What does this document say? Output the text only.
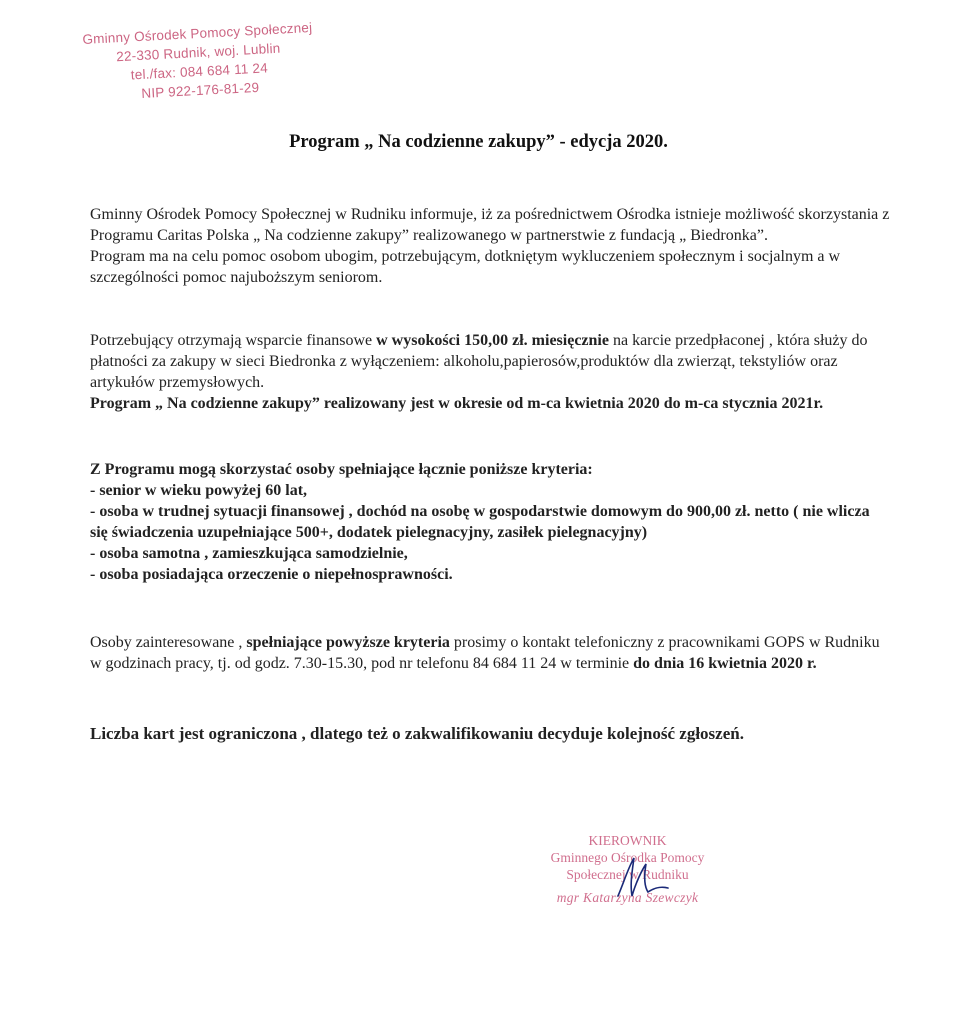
Gminny Ośrodek Pomocy Społecznej
22-330 Rudnik, woj. Lublin
tel./fax: 084 684 11 24
NIP 922-176-81-29
Program „ Na codzienne zakupy” - edycja 2020.

Gminny Ośrodek Pomocy Społecznej w Rudniku informuje, iż za pośrednictwem Ośrodka istnieje możliwość skorzystania z Programu Caritas Polska „ Na codzienne zakupy” realizowanego w partnerstwie z fundacją „ Biedronka”.

Program ma na celu pomoc osobom ubogim, potrzebującym, dotkniętym wykluczeniem społecznym i socjalnym a w szczególności pomoc najuboższym seniorom.

Potrzebujący otrzymają wsparcie finansowe w wysokości 150,00 zł. miesięcznie na karcie przedpłaconej , która służy do płatności za zakupy w sieci Biedronka z wyłączeniem: alkoholu,papierosów,produktów dla zwierząt, tekstyliów oraz artykułów przemysłowych.

Program „ Na codzienne zakupy” realizowany jest w okresie od m-ca kwietnia 2020 do m-ca stycznia 2021r.

Z Programu mogą skorzystać osoby spełniające łącznie poniższe kryteria:

- senior w wieku powyżej 60 lat,

- osoba w trudnej sytuacji finansowej , dochód na osobę w gospodarstwie domowym do 900,00 zł. netto ( nie wlicza się świadczenia uzupełniające 500+, dodatek pielegnacyjny, zasiłek pielegnacyjny)

- osoba samotna , zamieszkująca samodzielnie,

- osoba posiadająca orzeczenie o niepełnosprawności.

Osoby zainteresowane , spełniające powyższe kryteria prosimy o kontakt telefoniczny z pracownikami GOPS w Rudniku w godzinach pracy, tj. od godz. 7.30-15.30, pod nr telefonu 84 684 11 24 w terminie do dnia 16 kwietnia 2020 r.

Liczba kart jest ograniczona , dlatego też o zakwalifikowaniu decyduje kolejność zgłoszeń.

KIEROWNIK
Gminnego Ośrodka Pomocy
Społecznej w Rudniku
mgr Katarzyna Szewczyk
